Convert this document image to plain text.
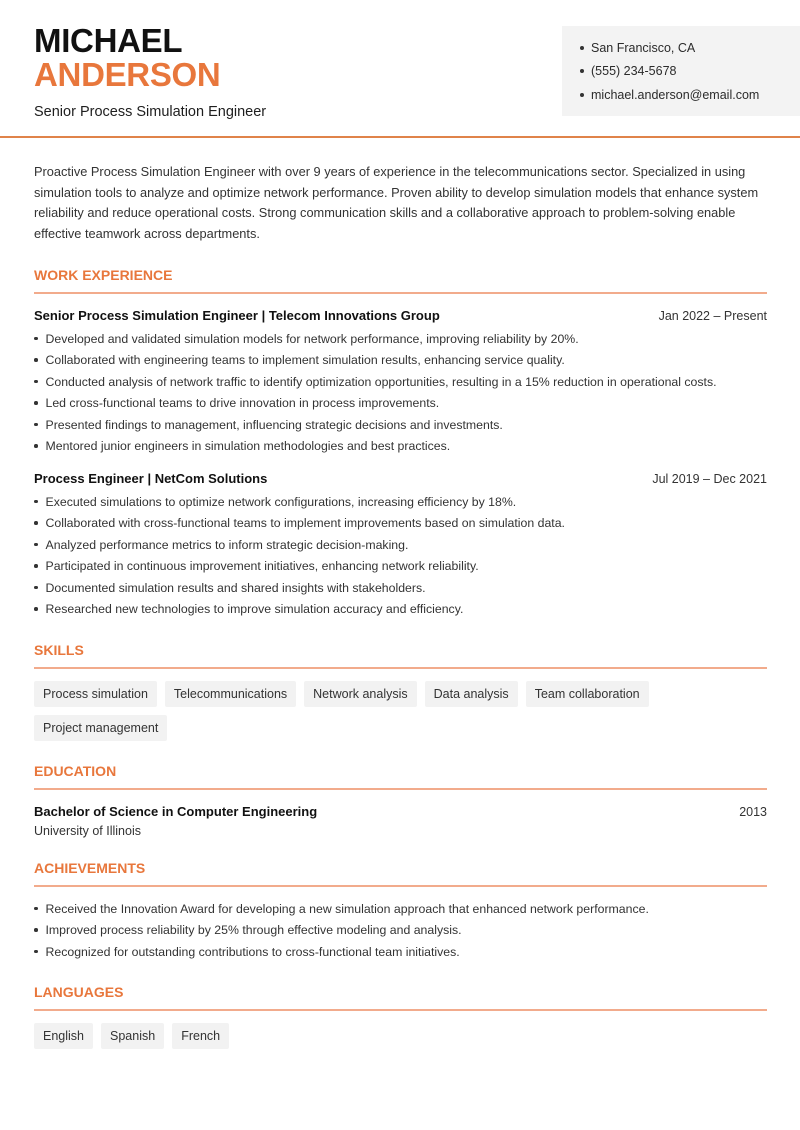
MICHAEL
ANDERSON
Senior Process Simulation Engineer
San Francisco, CA
(555) 234-5678
michael.anderson@email.com

Proactive Process Simulation Engineer with over 9 years of experience in the telecommunications sector. Specialized in using simulation tools to analyze and optimize network performance. Proven ability to develop simulation models that enhance system reliability and reduce operational costs. Strong communication skills and a collaborative approach to problem-solving enable effective teamwork across departments.

WORK EXPERIENCE
Senior Process Simulation Engineer | Telecom Innovations Group	Jan 2022 – Present
Developed and validated simulation models for network performance, improving reliability by 20%.
Collaborated with engineering teams to implement simulation results, enhancing service quality.
Conducted analysis of network traffic to identify optimization opportunities, resulting in a 15% reduction in operational costs.
Led cross-functional teams to drive innovation in process improvements.
Presented findings to management, influencing strategic decisions and investments.
Mentored junior engineers in simulation methodologies and best practices.
Process Engineer | NetCom Solutions	Jul 2019 – Dec 2021
Executed simulations to optimize network configurations, increasing efficiency by 18%.
Collaborated with cross-functional teams to implement improvements based on simulation data.
Analyzed performance metrics to inform strategic decision-making.
Participated in continuous improvement initiatives, enhancing network reliability.
Documented simulation results and shared insights with stakeholders.
Researched new technologies to improve simulation accuracy and efficiency.
SKILLS
Process simulation	Telecommunications	Network analysis	Data analysis	Team collaboration
Project management
EDUCATION
Bachelor of Science in Computer Engineering	2013
University of Illinois
ACHIEVEMENTS
Received the Innovation Award for developing a new simulation approach that enhanced network performance.
Improved process reliability by 25% through effective modeling and analysis.
Recognized for outstanding contributions to cross-functional team initiatives.
LANGUAGES
English	Spanish	French
